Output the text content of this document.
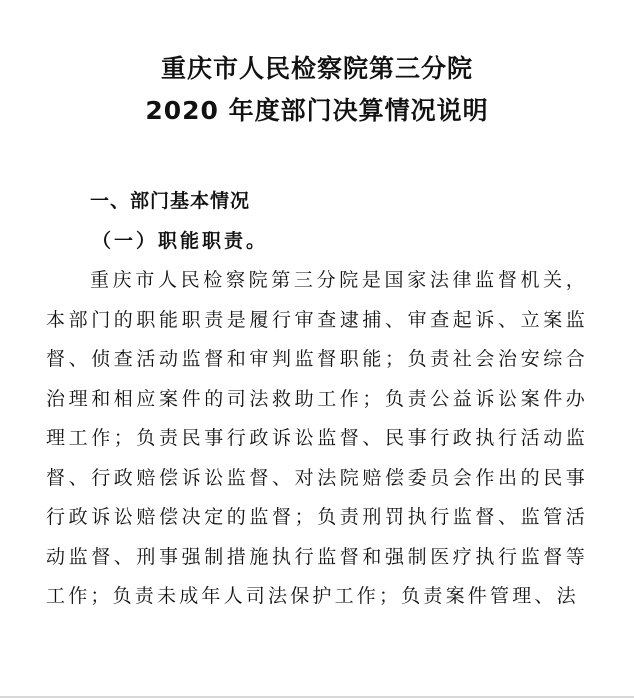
重庆市人民检察院第三分院
2020 年度部门决算情况说明
一、部门基本情况
（一）职能职责。

重庆市人民检察院第三分院是国家法律监督机关，本部门的职能职责是履行审查逮捕、审查起诉、立案监督、侦查活动监督和审判监督职能；负责社会治安综合治理和相应案件的司法救助工作；负责公益诉讼案件办理工作；负责民事行政诉讼监督、民事行政执行活动监督、行政赔偿诉讼监督、对法院赔偿委员会作出的民事行政诉讼赔偿决定的监督；负责刑罚执行监督、监管活动监督、刑事强制措施执行监督和强制医疗执行监督等工作；负责未成年人司法保护工作；负责案件管理、法
